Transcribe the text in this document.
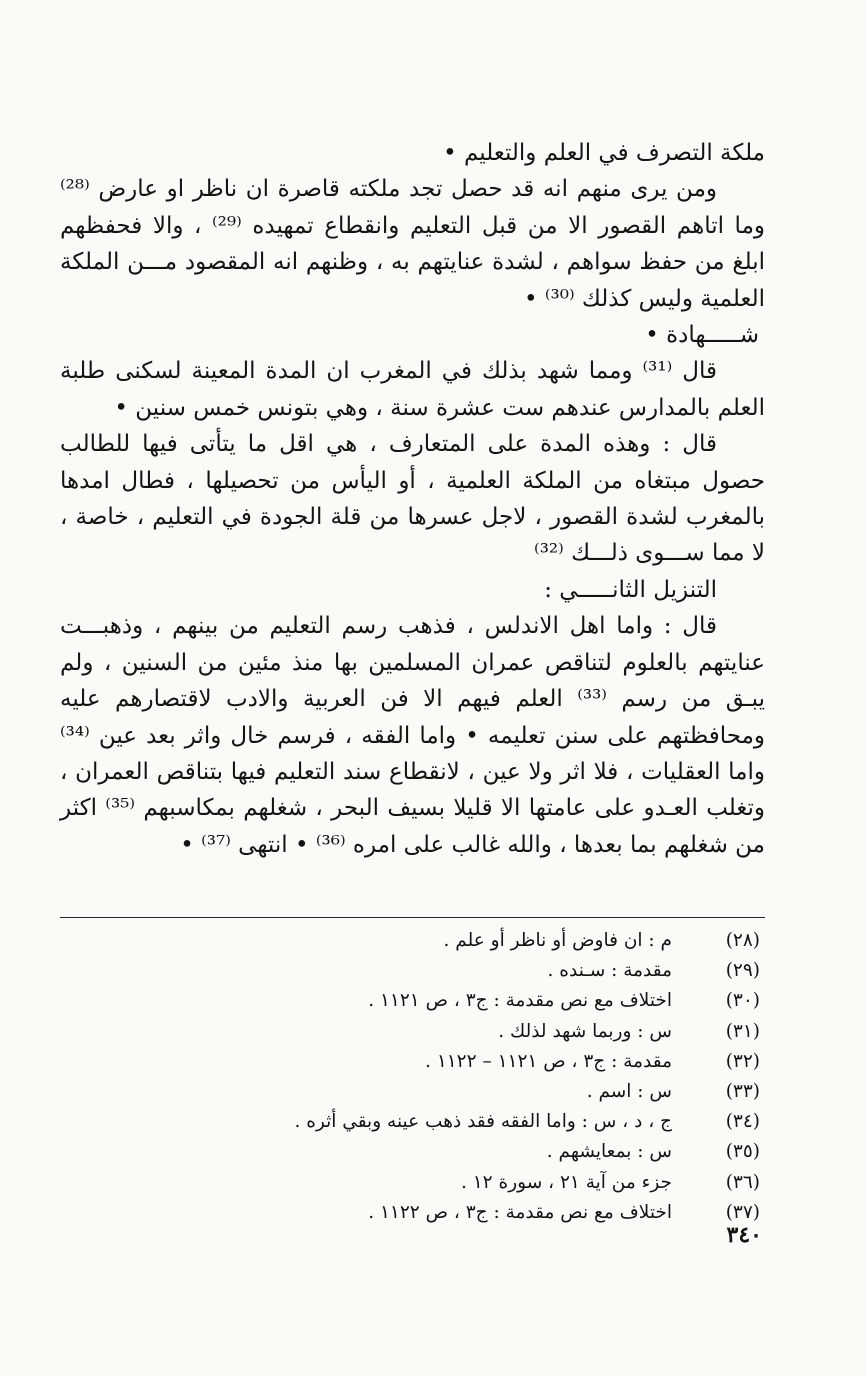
ملكة التصرف في العلم والتعليم •

ومن يرى منهم انه قد حصل تجد ملكته قاصرة ان ناظر او عارض ⁽²⁸⁾ وما اتاهم القصور الا من قبل التعليم وانقطاع تمهيده ⁽²⁹⁾ ، والا فحفظهم ابلغ من حفظ سواهم ، لشدة عنايتهم به ، وظنهم انه المقصود مـــن الملكة العلمية وليس كذلك ⁽³⁰⁾ •

شـــــهادة •

قال ⁽³¹⁾ ومما شهد بذلك في المغرب ان المدة المعينة لسكنى طلبة العلم بالمدارس عندهم ست عشرة سنة ، وهي بتونس خمس سنين •

قال : وهذه المدة على المتعارف ، هي اقل ما يتأتى فيها للطالب حصول مبتغاه من الملكة العلمية ، أو اليأس من تحصيلها ، فطال امدها بالمغرب لشدة القصور ، لاجل عسرها من قلة الجودة في التعليم ، خاصة ، لا مما ســـوى ذلـــك ⁽³²⁾

التنزيل الثانـــــي :

قال : واما اهل الاندلس ، فذهب رسم التعليم من بينهم ، وذهبـــت عنايتهم بالعلوم لتناقص عمران المسلمين بها منذ مئين من السنين ، ولم يبـق من رسم ⁽³³⁾ العلم فيهم الا فن العربية والادب لاقتصارهم عليه ومحافظتهم على سنن تعليمه • واما الفقه ، فرسم خال واثر بعد عين ⁽³⁴⁾ واما العقليات ، فلا اثر ولا عين ، لانقطاع سند التعليم فيها بتناقص العمران ، وتغلب العـدو على عامتها الا قليلا بسيف البحر ، شغلهم بمكاسبهم ⁽³⁵⁾ اكثر من شغلهم بما بعدها ، والله غالب على امره ⁽³⁶⁾ • انتهى ⁽³⁷⁾ •

(٢٨)
م : ان فاوض أو ناظر أو علم .
(٢٩)
مقدمة : سـنده .
(٣٠)
اختلاف مع نص مقدمة : ج٣ ، ص ١١٢١ .
(٣١)
س : وربما شهد لذلك .
(٣٢)
مقدمة : ج٣ ، ص ١١٢١ – ١١٢٢ .
(٣٣)
س : اسم .
(٣٤)
ج ، د ، س : واما الفقه فقد ذهب عينه وبقي أثره .
(٣٥)
س : بمعايشهم .
(٣٦)
جزء من آية ٢١ ، سورة ١٢ .
(٣٧)
اختلاف مع نص مقدمة : ج٣ ، ص ١١٢٢ .
٣٤٠
